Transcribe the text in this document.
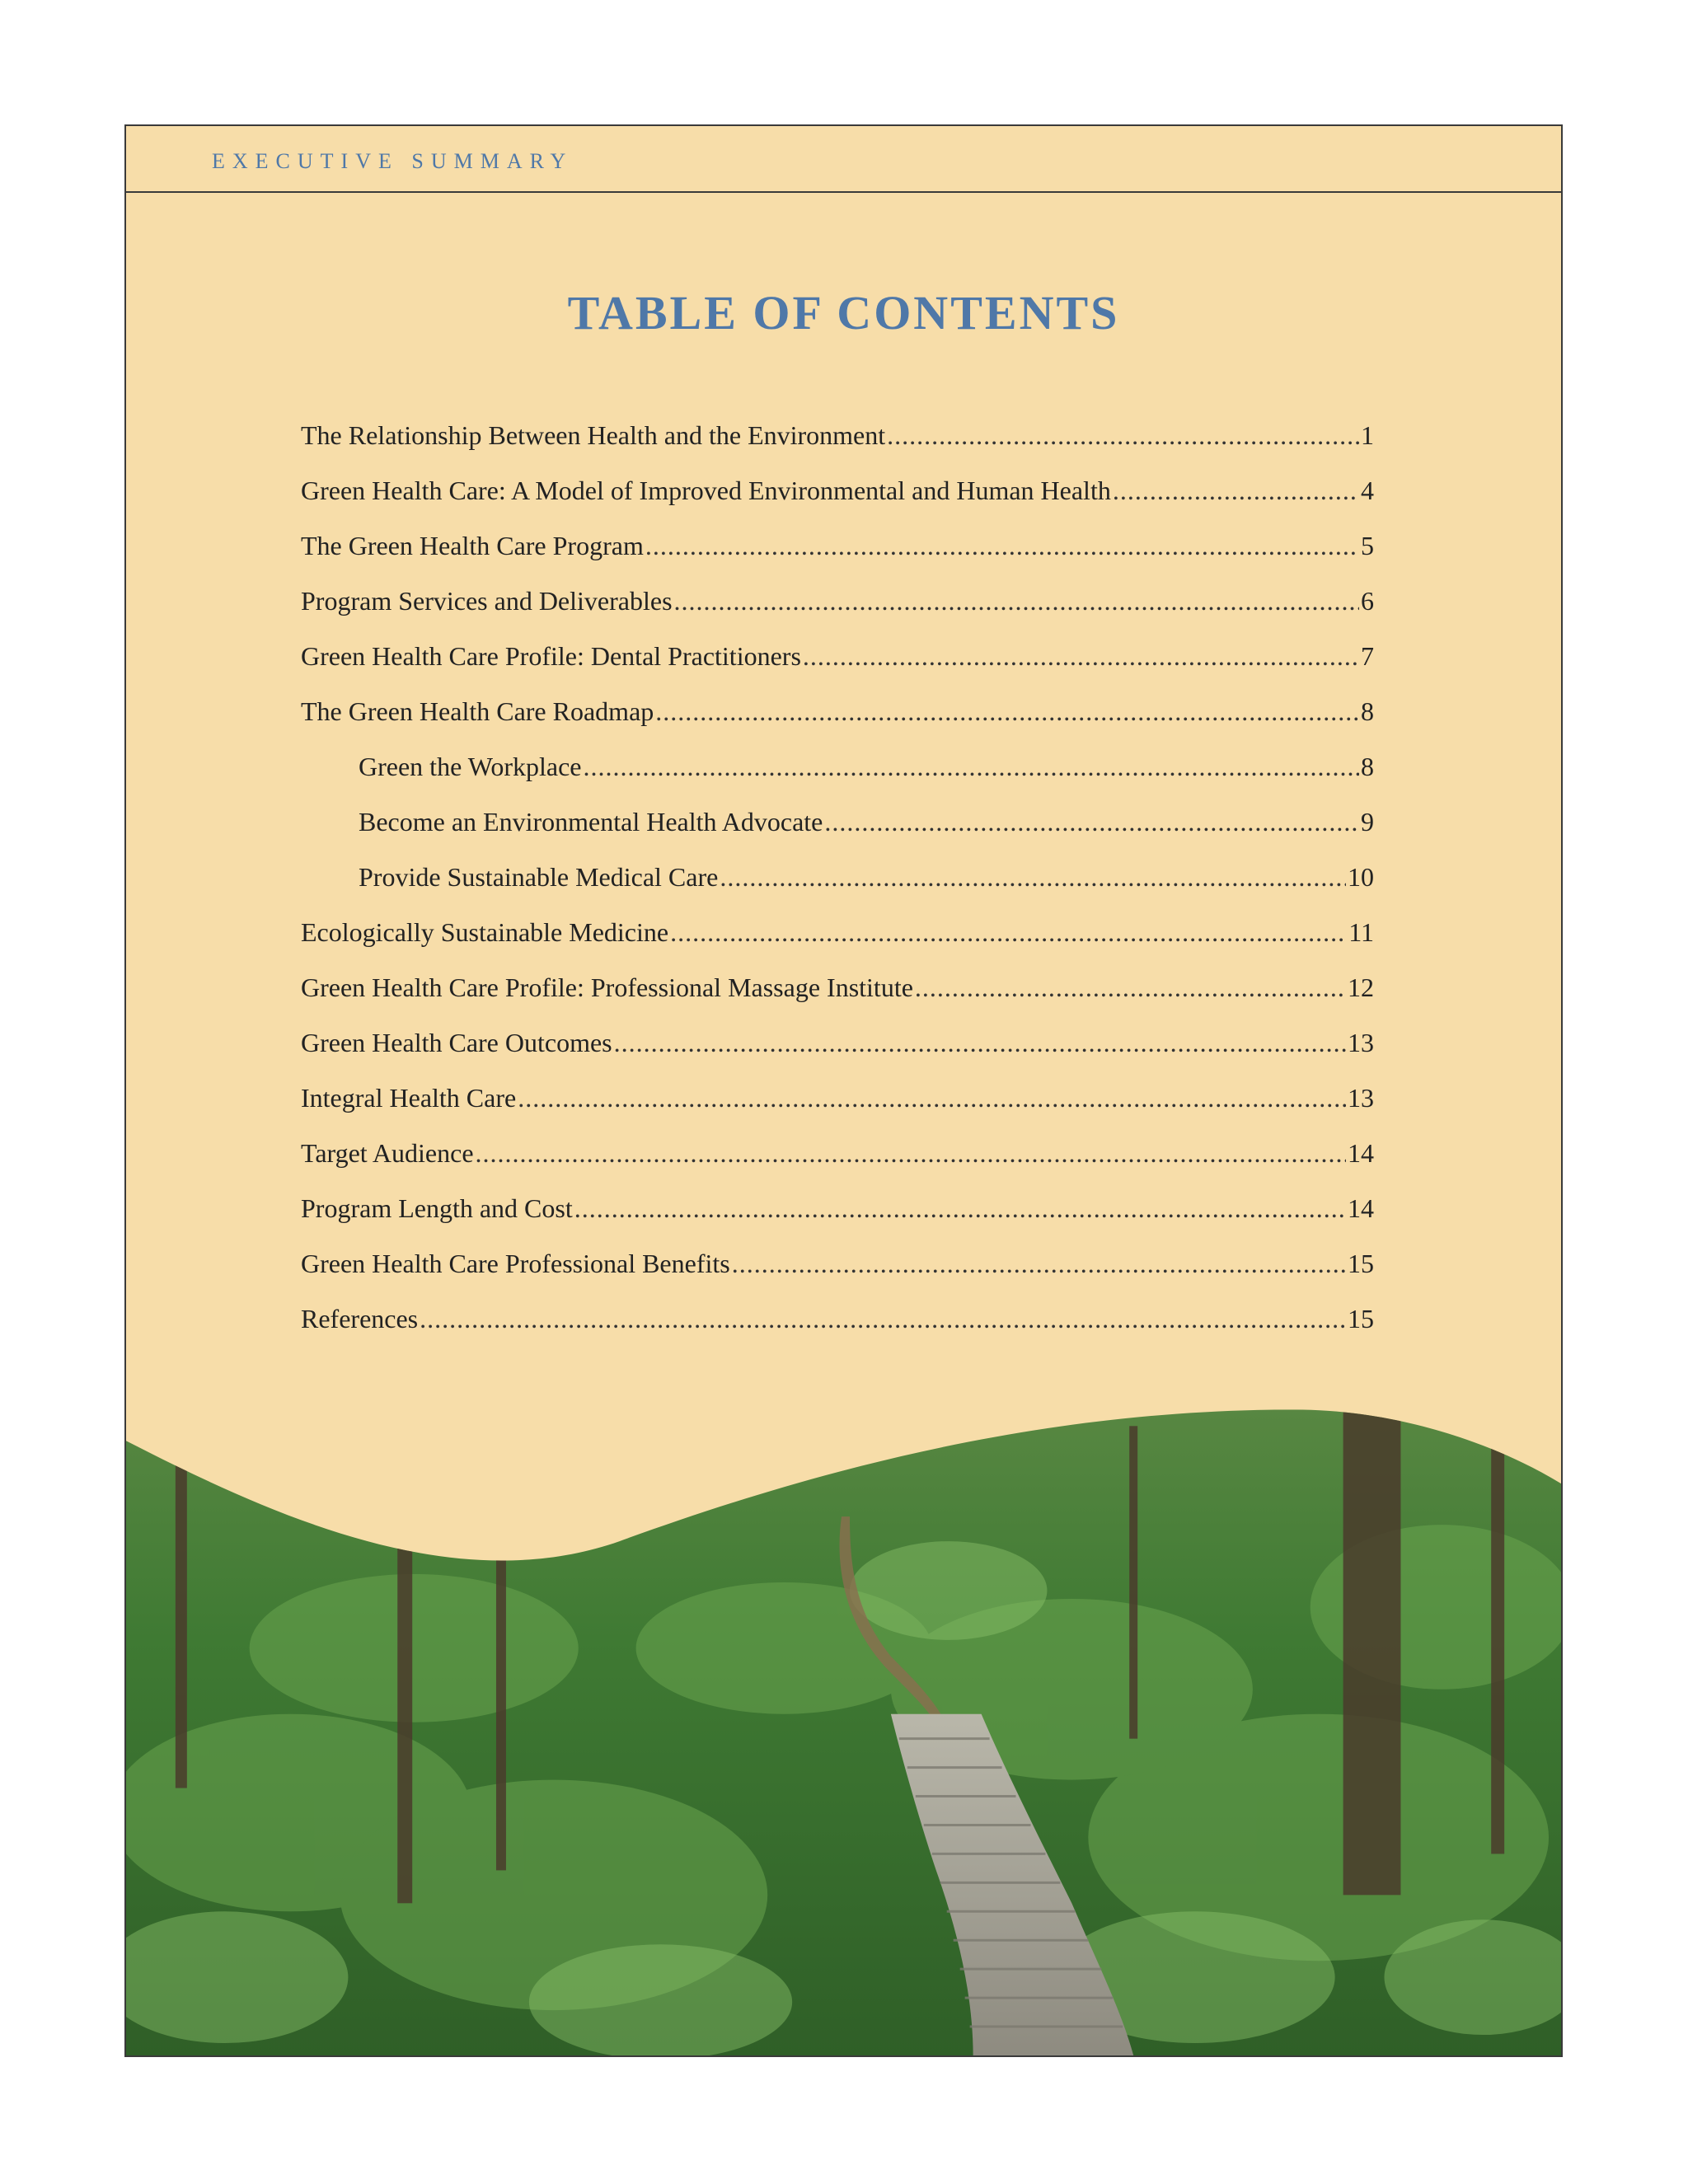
EXECUTIVE SUMMARY
TABLE OF CONTENTS
The Relationship Between Health and the Environment .....	1
Green Health Care: A Model of Improved Environmental and Human Health .....	4
The Green Health Care Program .....	5
Program Services and Deliverables .....	6
Green Health Care Profile: Dental Practitioners .....	7
The Green Health Care Roadmap .....	8
Green the Workplace .....	8
Become an Environmental Health Advocate .....	9
Provide Sustainable Medical Care .....	10
Ecologically Sustainable Medicine .....	11
Green Health Care Profile: Professional Massage Institute .....	12
Green Health Care Outcomes .....	13
Integral Health Care .....	13
Target Audience .....	14
Program Length and Cost .....	14
Green Health Care Professional Benefits .....	15
References .....	15
